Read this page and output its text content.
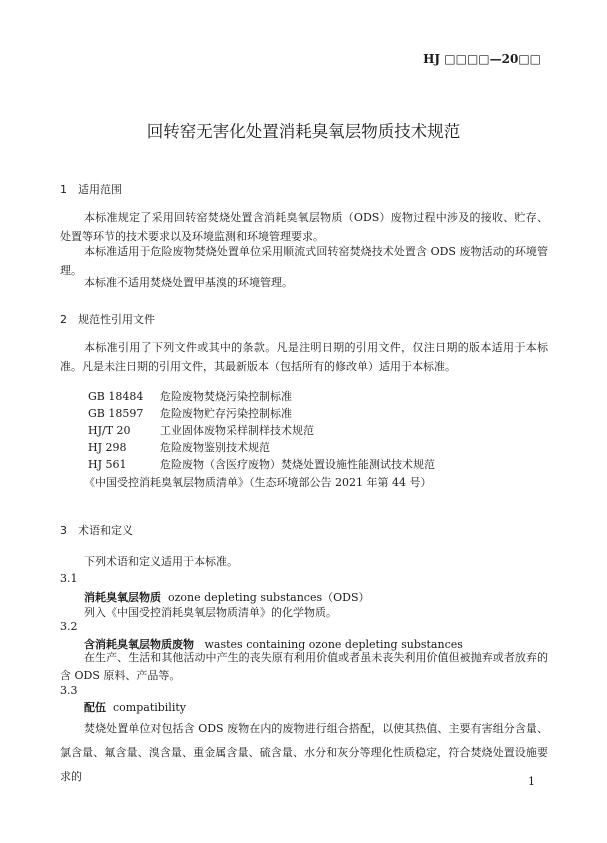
HJ □□□□—20□□
回转窑无害化处置消耗臭氧层物质技术规范
1 适用范围
本标准规定了采用回转窑焚烧处置含消耗臭氧层物质（ODS）废物过程中涉及的接收、贮存、处置等环节的技术要求以及环境监测和环境管理要求。
本标准适用于危险废物焚烧处置单位采用顺流式回转窑焚烧技术处置含 ODS 废物活动的环境管理。
本标准不适用焚烧处置甲基溴的环境管理。
2 规范性引用文件
本标准引用了下列文件或其中的条款。凡是注明日期的引用文件，仅注日期的版本适用于本标准。凡是未注日期的引用文件，其最新版本（包括所有的修改单）适用于本标准。
GB 18484 危险废物焚烧污染控制标准
GB 18597 危险废物贮存污染控制标准
HJ/T 20	工业固体废物采样制样技术规范
HJ 298	危险废物鉴别技术规范
HJ 561	危险废物（含医疗废物）焚烧处置设施性能测试技术规范
《中国受控消耗臭氧层物质清单》（生态环境部公告 2021 年第 44 号）
3 术语和定义
下列术语和定义适用于本标准。
3.1
消耗臭氧层物质 ozone depleting substances（ODS）
列入《中国受控消耗臭氧层物质清单》的化学物质。
3.2
含消耗臭氧层物质废物 wastes containing ozone depleting substances
在生产、生活和其他活动中产生的丧失原有利用价值或者虽未丧失利用价值但被抛弃或者放弃的含 ODS 原料、产品等。
3.3
配伍 compatibility
焚烧处置单位对包括含 ODS 废物在内的废物进行组合搭配，以使其热值、主要有害组分含量、氯含量、氟含量、溴含量、重金属含量、硫含量、水分和灰分等理化性质稳定，符合焚烧处置设施要求的	1
